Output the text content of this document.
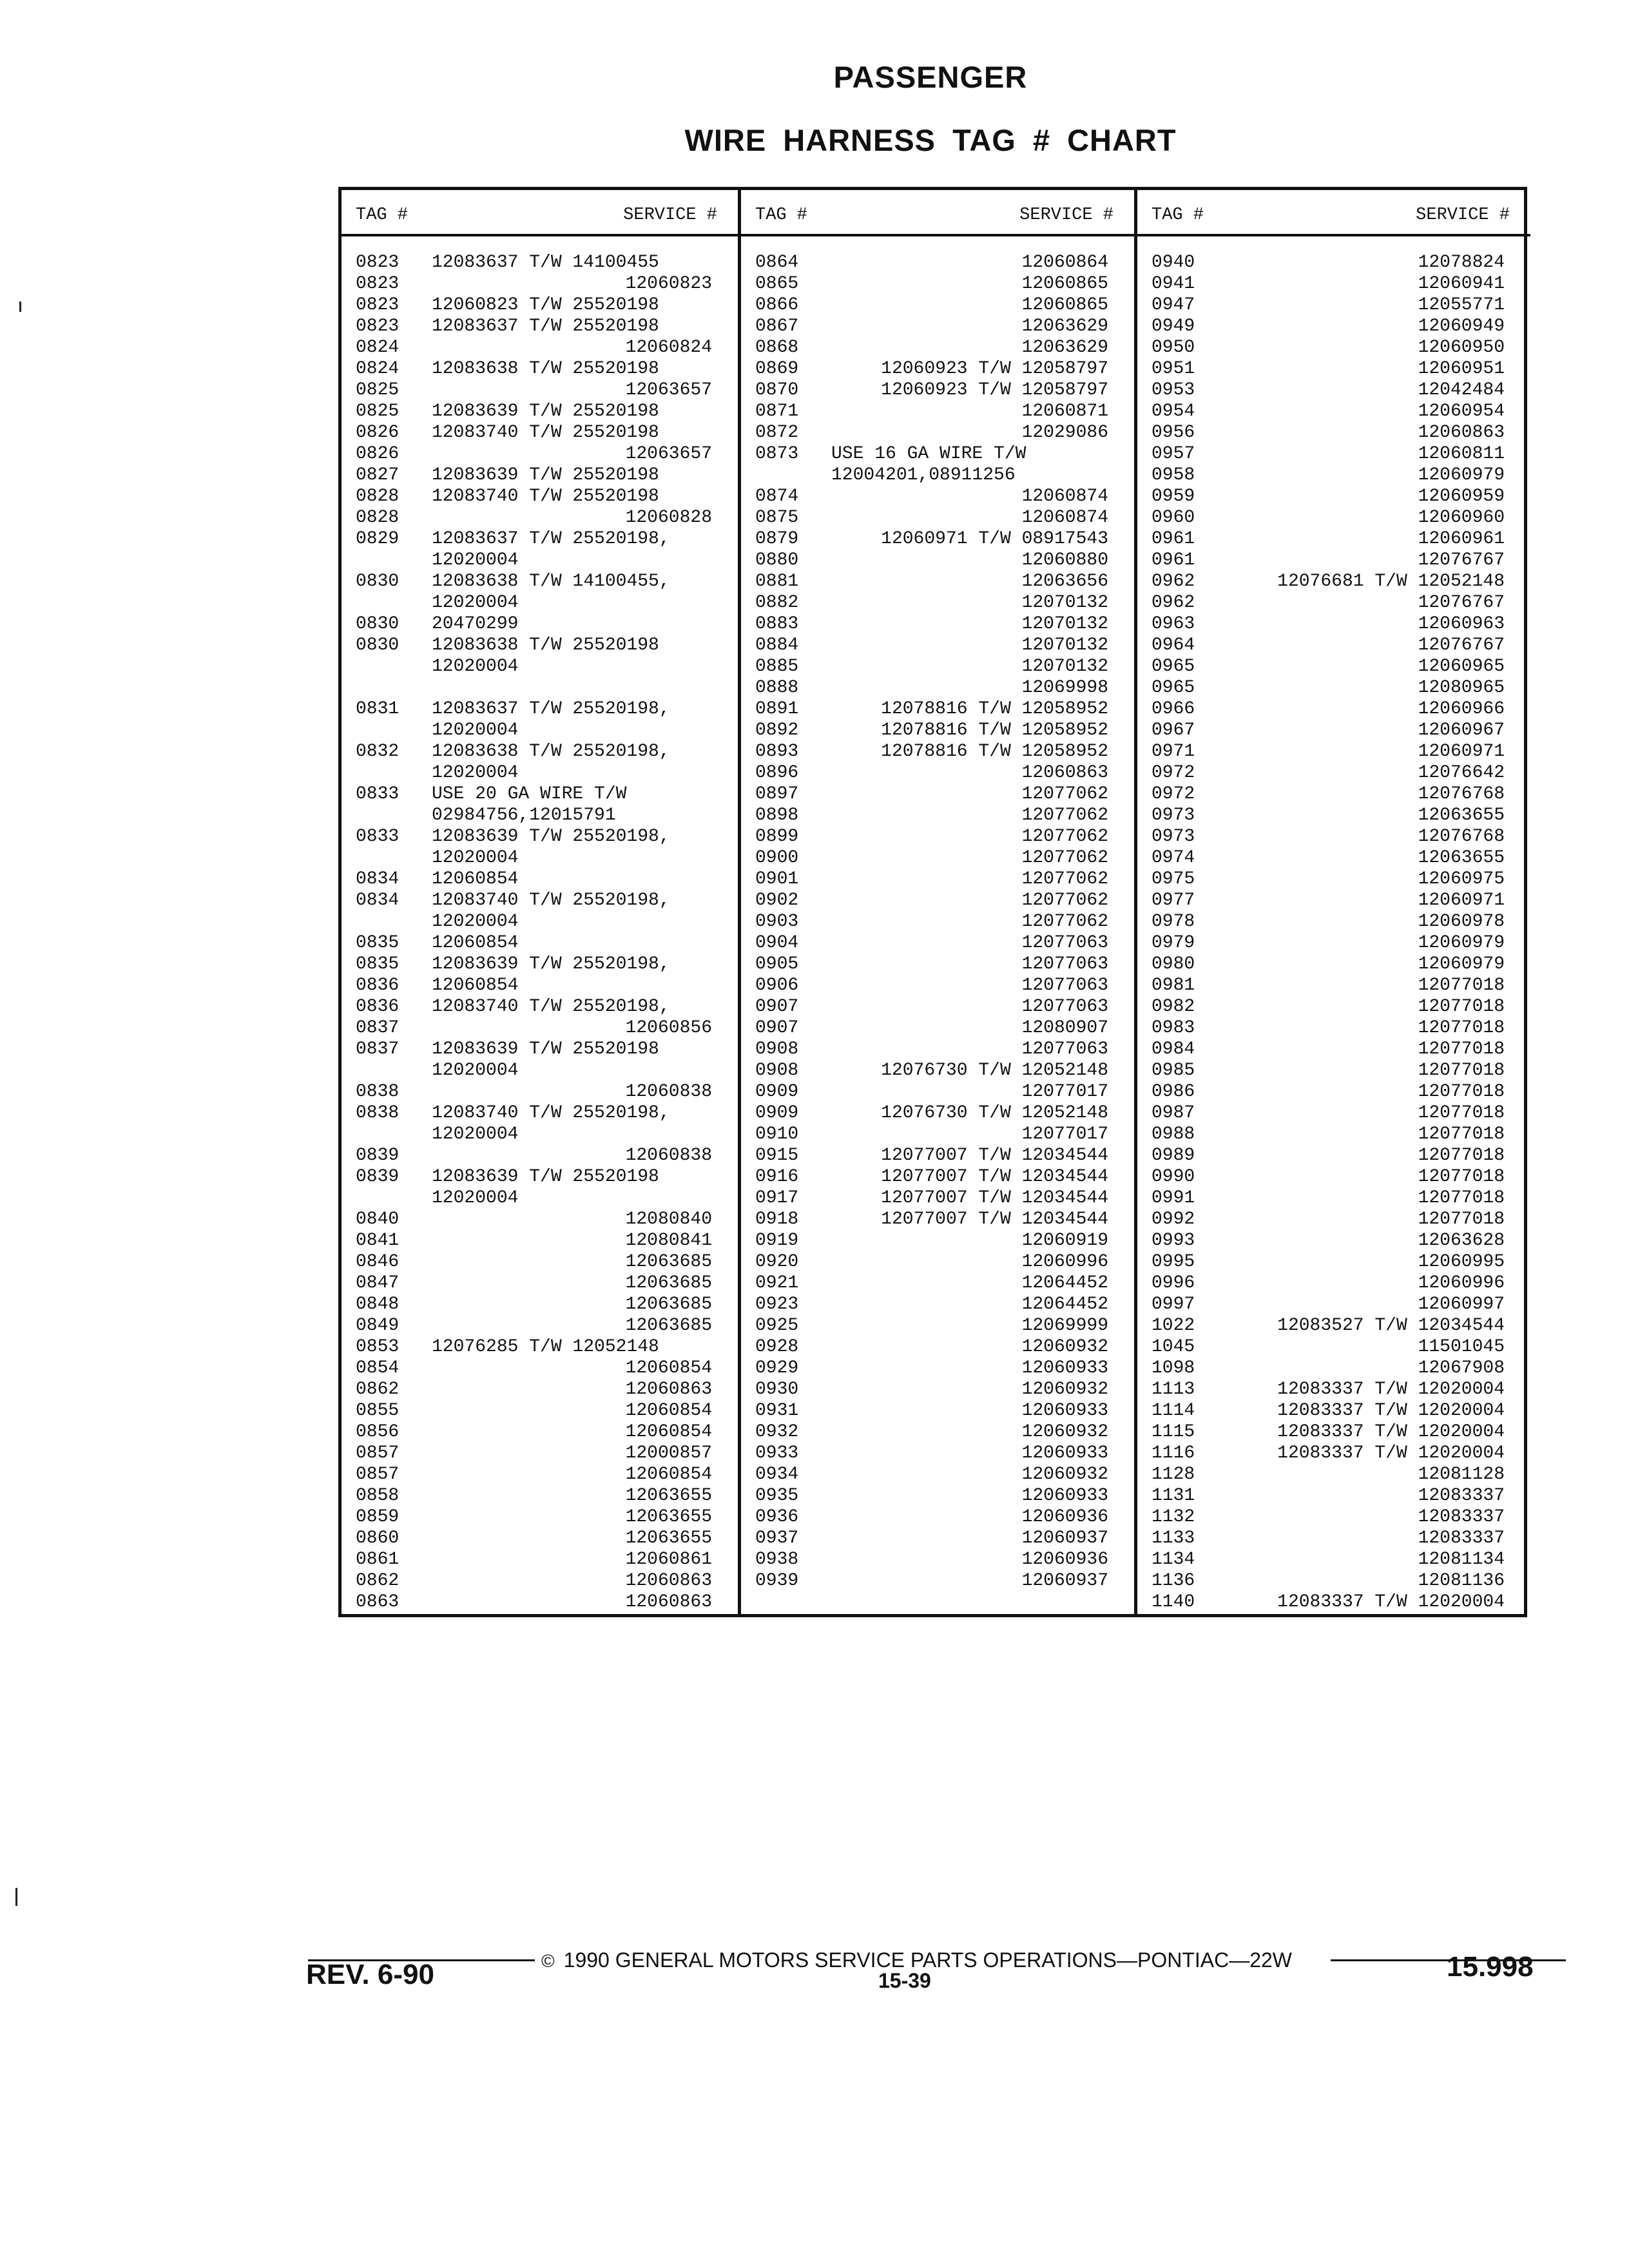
PASSENGER
WIRE HARNESS TAG # CHART
TAG #	SERVICE #
0823 12083637 T/W 14100455
0823	12060823
0823 12060823 T/W 25520198
0823 12083637 T/W 25520198
0824	12060824
0824 12083638 T/W 25520198
0825	12063657
0825 12083639 T/W 25520198
0826 12083740 T/W 25520198
0826	12063657
0827 12083639 T/W 25520198
0828 12083740 T/W 25520198
0828	12060828
0829 12083637 T/W 25520198,
12020004
0830 12083638 T/W 14100455,
12020004
0830 20470299
0830 12083638 T/W 25520198
12020004
0831 12083637 T/W 25520198,
12020004
0832 12083638 T/W 25520198,
12020004
0833 USE 20 GA WIRE T/W
02984756,12015791
0833 12083639 T/W 25520198,
12020004
0834 12060854
0834 12083740 T/W 25520198,
12020004
0835 12060854
0835 12083639 T/W 25520198,
0836 12060854
0836 12083740 T/W 25520198,
0837	12060856
0837 12083639 T/W 25520198
12020004
0838	12060838
0838 12083740 T/W 25520198,
12020004
0839	12060838
0839 12083639 T/W 25520198
12020004
0840	12080840
0841	12080841
0846	12063685
0847	12063685
0848	12063685
0849	12063685
0853 12076285 T/W 12052148
0854	12060854
0862	12060863
0855	12060854
0856	12060854
0857	12000857
0857	12060854
0858	12063655
0859	12063655
0860	12063655
0861	12060861
0862	12060863
0863	12060863
TAG #	SERVICE #
0864	12060864
0865	12060865
0866	12060865
0867	12063629
0868	12063629
0869	12060923 T/W 12058797
0870	12060923 T/W 12058797
0871	12060871
0872	12029086
0873 USE 16 GA WIRE T/W
12004201,08911256
0874	12060874
0875	12060874
0879	12060971 T/W 08917543
0880	12060880
0881	12063656
0882	12070132
0883	12070132
0884	12070132
0885	12070132
0888	12069998
0891	12078816 T/W 12058952
0892	12078816 T/W 12058952
0893	12078816 T/W 12058952
0896	12060863
0897	12077062
0898	12077062
0899	12077062
0900	12077062
0901	12077062
0902	12077062
0903	12077062
0904	12077063
0905	12077063
0906	12077063
0907	12077063
0907	12080907
0908	12077063
0908	12076730 T/W 12052148
0909	12077017
0909	12076730 T/W 12052148
0910	12077017
0915	12077007 T/W 12034544
0916	12077007 T/W 12034544
0917	12077007 T/W 12034544
0918	12077007 T/W 12034544
0919	12060919
0920	12060996
0921	12064452
0923	12064452
0925	12069999
0928	12060932
0929	12060933
0930	12060932
0931	12060933
0932	12060932
0933	12060933
0934	12060932
0935	12060933
0936	12060936
0937	12060937
0938	12060936
0939	12060937
TAG #	SERVICE #
0940	12078824
0941	12060941
0947	12055771
0949	12060949
0950	12060950
0951	12060951
0953	12042484
0954	12060954
0956	12060863
0957	12060811
0958	12060979
0959	12060959
0960	12060960
0961	12060961
0961	12076767
0962	12076681 T/W 12052148
0962	12076767
0963	12060963
0964	12076767
0965	12060965
0965	12080965
0966	12060966
0967	12060967
0971	12060971
0972	12076642
0972	12076768
0973	12063655
0973	12076768
0974	12063655
0975	12060975
0977	12060971
0978	12060978
0979	12060979
0980	12060979
0981	12077018
0982	12077018
0983	12077018
0984	12077018
0985	12077018
0986	12077018
0987	12077018
0988	12077018
0989	12077018
0990	12077018
0991	12077018
0992	12077018
0993	12063628
0995	12060995
0996	12060996
0997	12060997
1022	12083527 T/W 12034544
1045	11501045
1098	12067908
1113	12083337 T/W 12020004
1114	12083337 T/W 12020004
1115	12083337 T/W 12020004
1116	12083337 T/W 12020004
1128	12081128
1131	12083337
1132	12083337
1133	12083337
1134	12081134
1136	12081136
1140	12083337 T/W 12020004
© 1990 GENERAL MOTORS SERVICE PARTS OPERATIONS—PONTIAC—22W
REV. 6-90	15-39	15.998
